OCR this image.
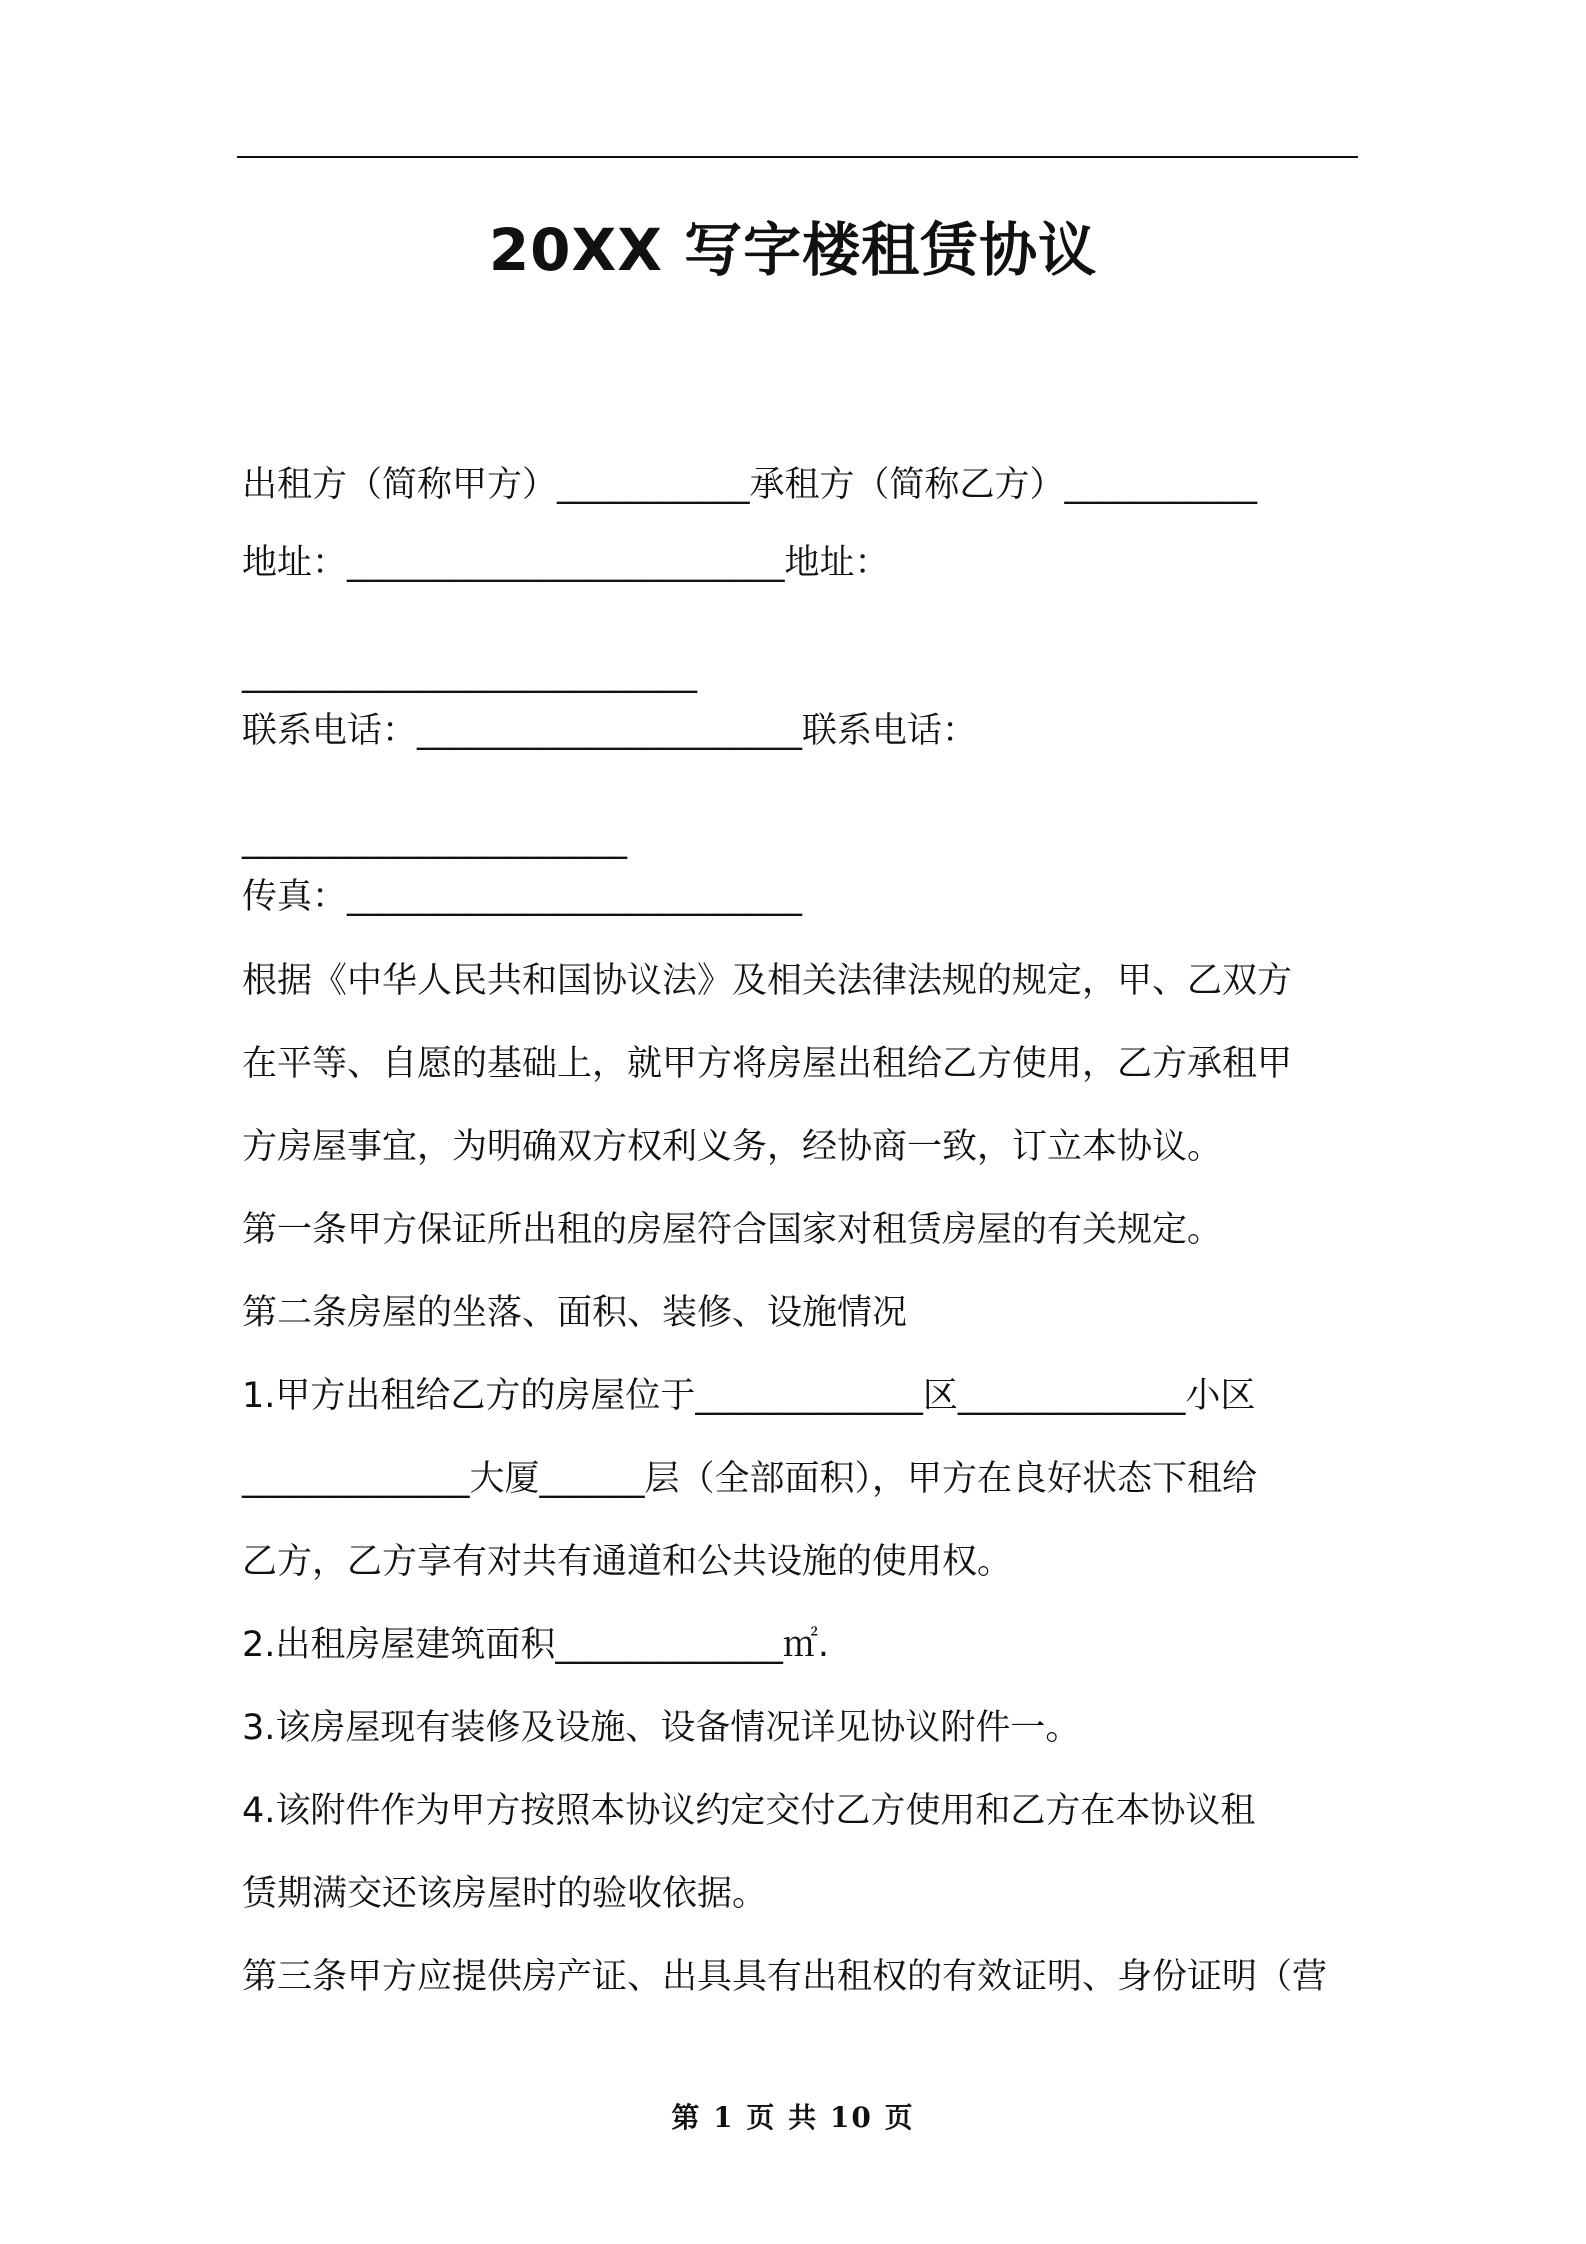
20XX 写字楼租赁协议
出租方（简称甲方）___________承租方（简称乙方）___________
地址：_________________________地址：
__________________________
联系电话：______________________联系电话：
______________________
传真：__________________________
根据《中华人民共和国协议法》及相关法律法规的规定，甲、乙双方
在平等、自愿的基础上，就甲方将房屋出租给乙方使用，乙方承租甲
方房屋事宜，为明确双方权利义务，经协商一致，订立本协议。
第一条甲方保证所出租的房屋符合国家对租赁房屋的有关规定。
第二条房屋的坐落、面积、装修、设施情况
1.甲方出租给乙方的房屋位于_____________区_____________小区
_____________大厦______层（全部面积），甲方在良好状态下租给
乙方，乙方享有对共有通道和公共设施的使用权。
2.出租房屋建筑面积_____________㎡.
3.该房屋现有装修及设施、设备情况详见协议附件一。
4.该附件作为甲方按照本协议约定交付乙方使用和乙方在本协议租
赁期满交还该房屋时的验收依据。
第三条甲方应提供房产证、出具具有出租权的有效证明、身份证明（营
第 1 页 共 10 页
